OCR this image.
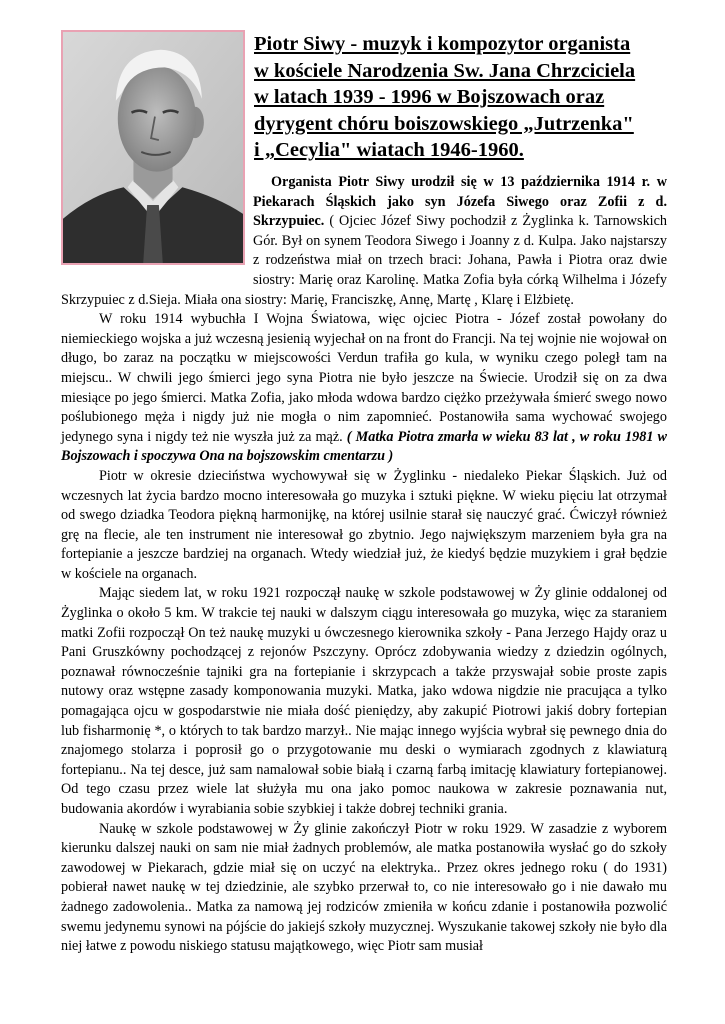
Piotr Siwy - muzyk i kompozytor organista
w kościele Narodzenia Sw. Jana Chrzciciela
w latach 1939 - 1996 w Bojszowach oraz
dyrygent chóru boiszowskiego „Jutrzenka"
i „Cecylia" wiatach 1946-1960.

Organista Piotr Siwy urodził się w 13 października 1914 r. w Piekarach Śląskich jako syn Józefa Siwego oraz Zofii z d. Skrzypuiec. ( Ojciec Józef Siwy pochodził z Żyglinka k. Tarnowskich Gór. Był on synem Teodora Siwego i Joanny z d. Kulpa. Jako najstarszy z rodzeństwa miał on trzech braci: Johana, Pawła i Piotra oraz dwie siostry: Marię oraz Karolinę. Matka Zofia była córką Wilhelma i Józefy Skrzypuiec z d.Sieja. Miała ona siostry: Marię, Franciszkę, Annę, Martę , Klarę i Elżbietę.

W roku 1914 wybuchła I Wojna Światowa, więc ojciec Piotra - Józef został powołany do niemieckiego wojska a już wczesną jesienią wyjechał on na front do Francji. Na tej wojnie nie wojował on długo, bo zaraz na początku w miejscowości Verdun trafiła go kula, w wyniku czego poległ tam na miejscu.. W chwili jego śmierci jego syna Piotra nie było jeszcze na Świecie. Urodził się on za dwa miesiące po jego śmierci. Matka Zofia, jako młoda wdowa bardzo ciężko przeżywała śmierć swego nowo poślubionego męża i nigdy już nie mogła o nim zapomnieć. Postanowiła sama wychować swojego jedynego syna i nigdy też nie wyszła już za mąż. ( Matka Piotra zmarła w wieku 83 lat , w roku 1981 w Bojszowach i spoczywa Ona na bojszowskim cmentarzu )

Piotr w okresie dzieciństwa wychowywał się w Żyglinku - niedaleko Piekar Śląskich. Już od wczesnych lat życia bardzo mocno interesowała go muzyka i sztuki piękne. W wieku pięciu lat otrzymał od swego dziadka Teodora piękną harmonijkę, na której usilnie starał się nauczyć grać. Ćwiczył również grę na flecie, ale ten instrument nie interesował go zbytnio. Jego największym marzeniem była gra na fortepianie a jeszcze bardziej na organach. Wtedy wiedział już, że kiedyś będzie muzykiem i grał będzie w kościele na organach.

Mając siedem lat, w roku 1921 rozpoczął naukę w szkole podstawowej w Ży glinie oddalonej od Żyglinka o około 5 km. W trakcie tej nauki w dalszym ciągu interesowała go muzyka, więc za staraniem matki Zofii rozpoczął On też naukę muzyki u ówczesnego kierownika szkoły - Pana Jerzego Hajdy oraz u Pani Gruszkówny pochodzącej z rejonów Pszczyny. Oprócz zdobywania wiedzy z dziedzin ogólnych, poznawał równocześnie tajniki gra na fortepianie i skrzypcach a także przyswajał sobie proste zapis nutowy oraz wstępne zasady komponowania muzyki. Matka, jako wdowa nigdzie nie pracująca a tylko pomagająca ojcu w gospodarstwie nie miała dość pieniędzy, aby zakupić Piotrowi jakiś dobry fortepian lub fisharmonię *, o których to tak bardzo marzył.. Nie mając innego wyjścia wybrał się pewnego dnia do znajomego stolarza i poprosił go o przygotowanie mu deski o wymiarach zgodnych z klawiaturą fortepianu.. Na tej desce, już sam namalował sobie białą i czarną farbą imitację klawiatury fortepianowej. Od tego czasu przez wiele lat służyła mu ona jako pomoc naukowa w zakresie poznawania nut, budowania akordów i wyrabiania sobie szybkiej i także dobrej techniki grania.

Naukę w szkole podstawowej w Ży glinie zakończył Piotr w roku 1929. W zasadzie z wyborem kierunku dalszej nauki on sam nie miał żadnych problemów, ale matka postanowiła wysłać go do szkoły zawodowej w Piekarach, gdzie miał się on uczyć na elektryka.. Przez okres jednego roku ( do 1931) pobierał nawet naukę w tej dziedzinie, ale szybko przerwał to, co nie interesowało go i nie dawało mu żadnego zadowolenia.. Matka za namową jej rodziców zmieniła w końcu zdanie i postanowiła pozwolić swemu jedynemu synowi na pójście do jakiejś szkoły muzycznej. Wyszukanie takowej szkoły nie było dla niej łatwe z powodu niskiego statusu majątkowego, więc Piotr sam musiał
